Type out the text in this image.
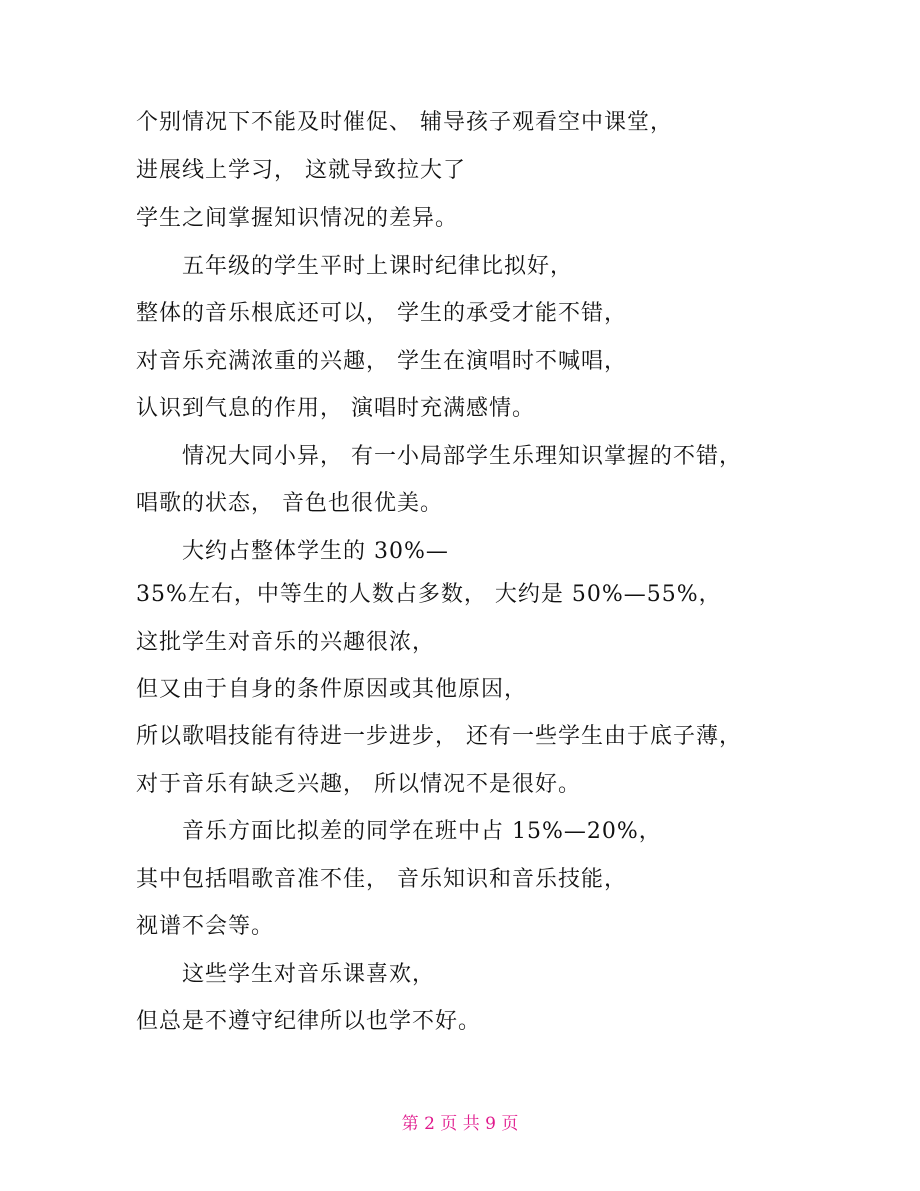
个别情况下不能及时催促、 辅导孩子观看空中课堂，
进展线上学习， 这就导致拉大了
学生之间掌握知识情况的差异。
五年级的学生平时上课时纪律比拟好，
整体的音乐根底还可以， 学生的承受才能不错，
对音乐充满浓重的兴趣， 学生在演唱时不喊唱，
认识到气息的作用， 演唱时充满感情。
情况大同小异， 有一小局部学生乐理知识掌握的不错，
唱歌的状态， 音色也很优美。
大约占整体学生的 30%—
35%左右，中等生的人数占多数， 大约是 50%—55%，
这批学生对音乐的兴趣很浓，
但又由于自身的条件原因或其他原因，
所以歌唱技能有待进一步进步， 还有一些学生由于底子薄，
对于音乐有缺乏兴趣， 所以情况不是很好。
音乐方面比拟差的同学在班中占 15%—20%，
其中包括唱歌音准不佳， 音乐知识和音乐技能，
视谱不会等。
这些学生对音乐课喜欢，
但总是不遵守纪律所以也学不好。
第 2 页 共 9 页
